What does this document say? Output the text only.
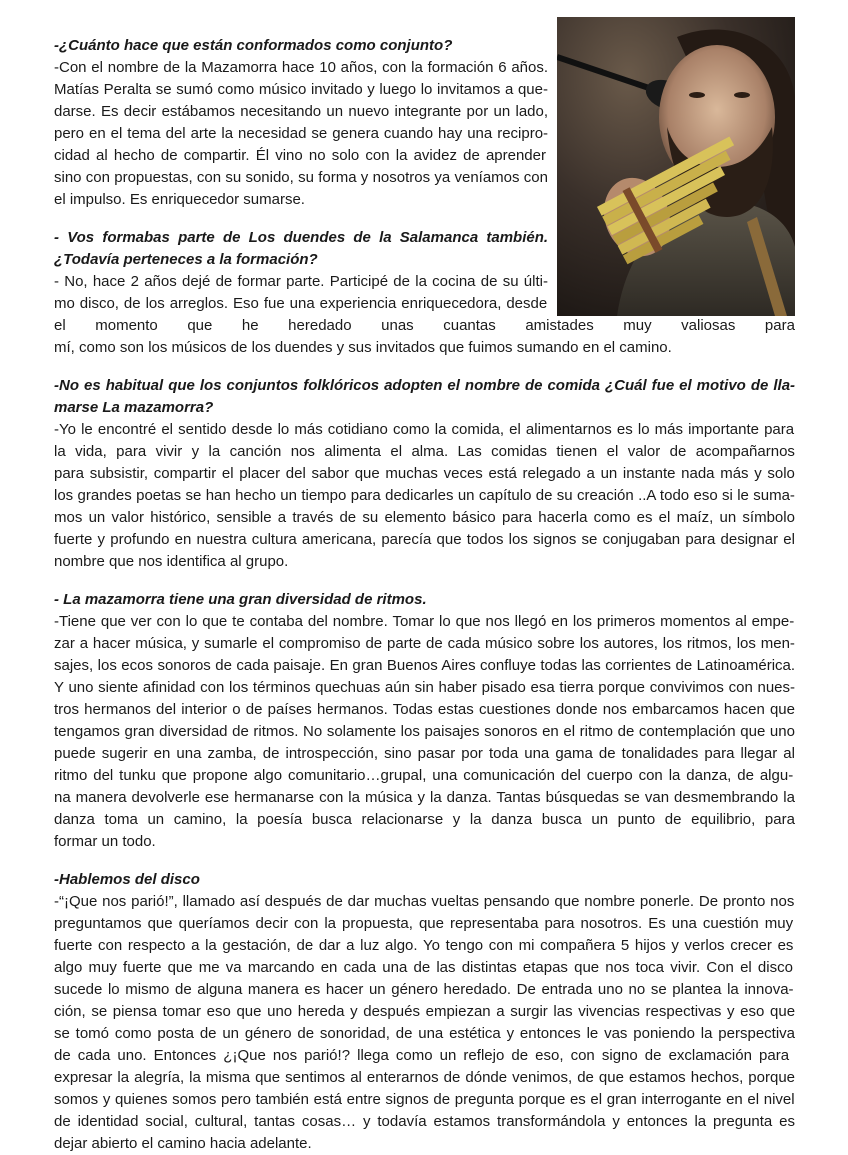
-¿Cuánto hace que están conformados como conjunto?
-Con el nombre de la Mazamorra hace 10 años, con la formación 6 años.
Matías Peralta se sumó como músico invitado y luego lo invitamos a que-
darse. Es decir estábamos necesitando un nuevo integrante por un lado,
pero en el tema del arte la necesidad se genera cuando hay una recipro-
cidad al hecho de compartir. Él vino no solo con la avidez de aprender
sino con propuestas, con su sonido, su forma y nosotros ya veníamos con
el impulso. Es enriquecedor sumarse.
- Vos formabas parte de Los duendes de la Salamanca también.
¿Todavía perteneces a la formación?
- No, hace 2 años dejé de formar parte. Participé de la cocina de su últi-
mo disco, de los arreglos. Eso fue una experiencia enriquecedora, desde
el momento que he heredado unas cuantas amistades muy valiosas para
mí, como son los músicos de los duendes y sus invitados que fuimos sumando en el camino.
-No es habitual que los conjuntos folklóricos adopten el nombre de comida ¿Cuál fue el motivo de lla-
marse La mazamorra?
-Yo le encontré el sentido desde lo más cotidiano como la comida, el alimentarnos es lo más importante para
la vida, para vivir y la canción nos alimenta el alma. Las comidas tienen el valor de acompañarnos
para subsistir, compartir el placer del sabor que muchas veces está relegado a un instante nada más y solo
los grandes poetas se han hecho un tiempo para dedicarles un capítulo de su creación ..A todo eso si le suma-
mos un valor histórico, sensible a través de su elemento básico para hacerla como es el maíz, un símbolo
fuerte y profundo en nuestra cultura americana, parecía que todos los signos se conjugaban para designar el
nombre que nos identifica al grupo.
- La mazamorra tiene una gran diversidad de ritmos.
-Tiene que ver con lo que te contaba del nombre. Tomar lo que nos llegó en los primeros momentos al empe-
zar a hacer música, y sumarle el compromiso de parte de cada músico sobre los autores, los ritmos, los men-
sajes, los ecos sonoros de cada paisaje. En gran Buenos Aires confluye todas las corrientes de Latinoamérica.
Y uno siente afinidad con los términos quechuas aún sin haber pisado esa tierra porque convivimos con nues-
tros hermanos del interior o de países hermanos. Todas estas cuestiones donde nos embarcamos hacen que
tengamos gran diversidad de ritmos. No solamente los paisajes sonoros en el ritmo de contemplación que uno
puede sugerir en una zamba, de introspección, sino pasar por toda una gama de tonalidades para llegar al
ritmo del tunku que propone algo comunitario…grupal, una comunicación del cuerpo con la danza, de algu-
na manera devolverle ese hermanarse con la música y la danza. Tantas búsquedas se van desmembrando la
danza toma un camino, la poesía busca relacionarse y la danza busca un punto de equilibrio, para
formar un todo.
-Hablemos del disco
-“¡Que nos parió!”, llamado así después de dar muchas vueltas pensando que nombre ponerle. De pronto nos
preguntamos que queríamos decir con la propuesta, que representaba para nosotros. Es una cuestión muy
fuerte con respecto a la gestación, de dar a luz algo. Yo tengo con mi compañera 5 hijos y verlos crecer es
algo muy fuerte que me va marcando en cada una de las distintas etapas que nos toca vivir. Con el disco
sucede lo mismo de alguna manera es hacer un género heredado. De entrada uno no se plantea la innova-
ción, se piensa tomar eso que uno hereda y después empiezan a surgir las vivencias respectivas y eso que
se tomó como posta de un género de sonoridad, de una estética y entonces le vas poniendo la perspectiva
de cada uno. Entonces ¿¡Que nos parió!? llega como un reflejo de eso, con signo de exclamación para
expresar la alegría, la misma que sentimos al enterarnos de dónde venimos, de que estamos hechos, porque
somos y quienes somos pero también está entre signos de pregunta porque es el gran interrogante en el nivel
de identidad social, cultural, tantas cosas… y todavía estamos transformándola y entonces la pregunta es
dejar abierto el camino hacia adelante.
